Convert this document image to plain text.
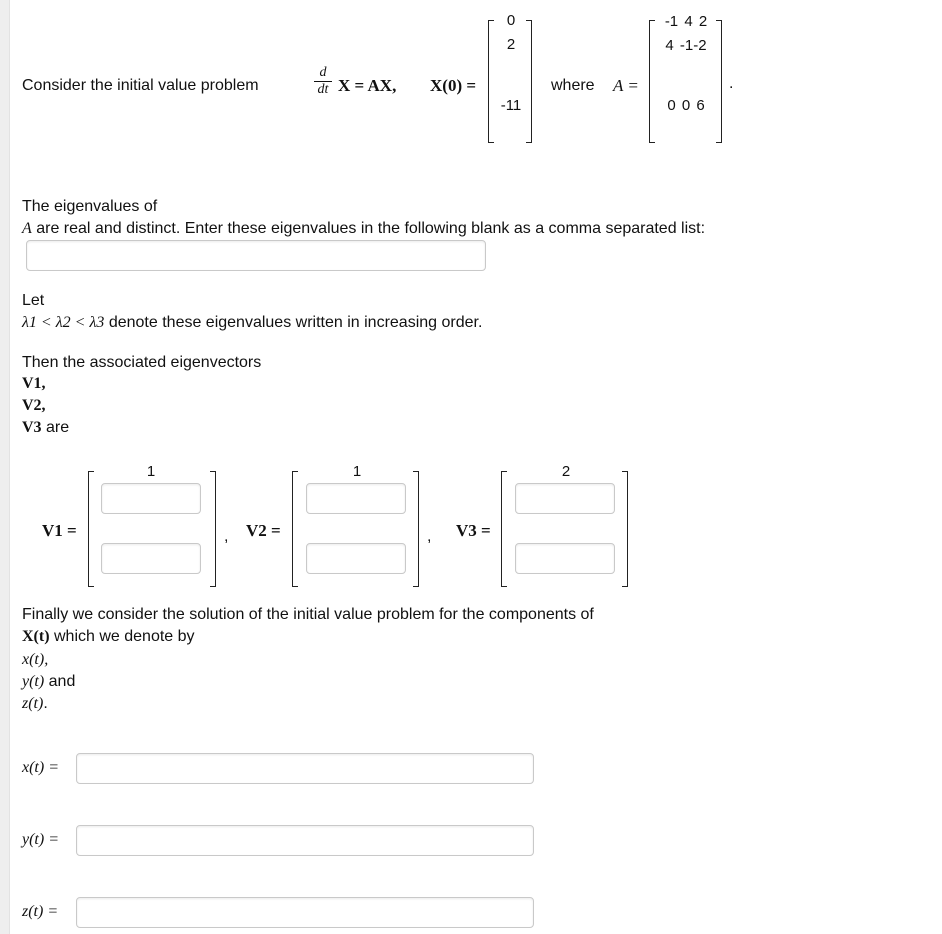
Consider the initial value problem
d
dt X = AX, X(0) =
0
2
-11
where A =
-1 4 2
4 -1-2
0 0 6
.
The eigenvalues of
A are real and distinct. Enter these eigenvalues in the following blank as a comma separated list:
Let
λ1 < λ2 < λ3 denote these eigenvalues written in increasing order.
Then the associated eigenvectors
V1,
V2,
V3 are
V1 =
1
, V2 =
1
, V3 =
2
Finally we consider the solution of the initial value problem for the components of
X(t) which we denote by
x(t),
y(t) and
z(t).
x(t) =
y(t) =
z(t) =
